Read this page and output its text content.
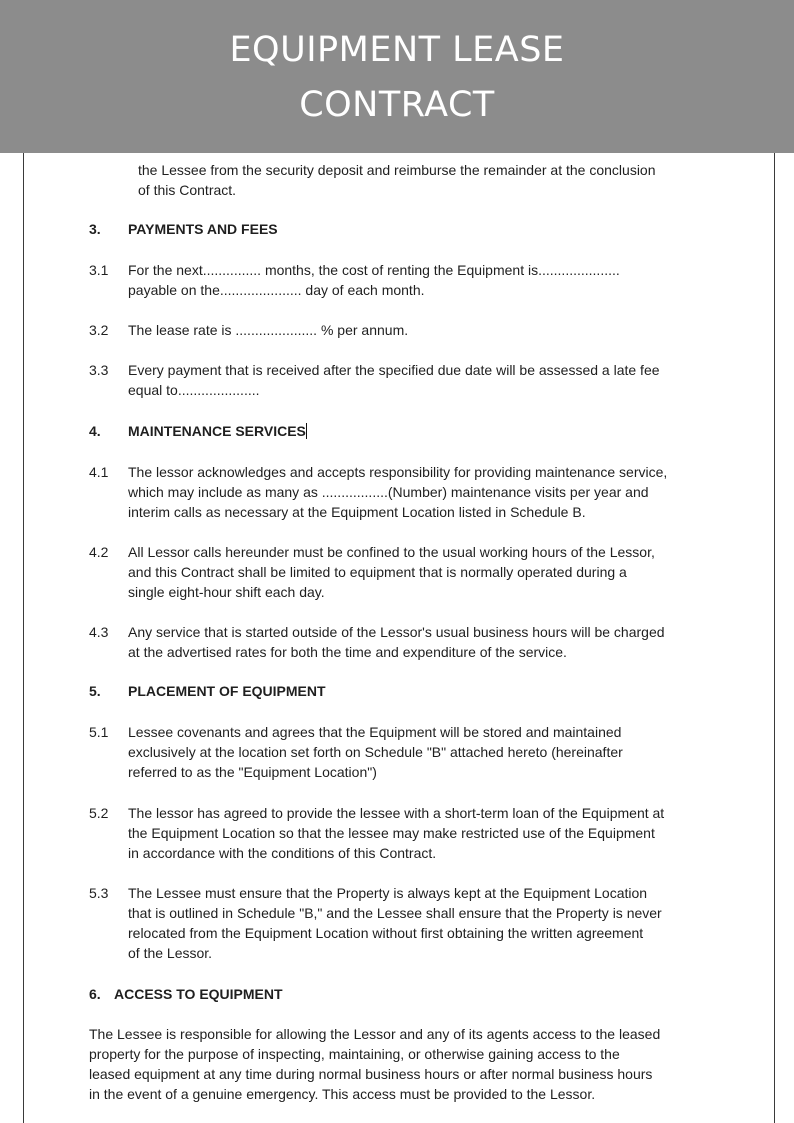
EQUIPMENT LEASE
CONTRACT
the Lessee from the security deposit and reimburse the remainder at the conclusion
of this Contract.
3. PAYMENTS AND FEES
3.1	For the next............... months, the cost of renting the Equipment is.....................
payable on the..................... day of each month.
3.2	The lease rate is ..................... % per annum.
3.3	Every payment that is received after the specified due date will be assessed a late fee
equal to.....................
4. MAINTENANCE SERVICES
4.1	The lessor acknowledges and accepts responsibility for providing maintenance service,
which may include as many as .................(Number) maintenance visits per year and
interim calls as necessary at the Equipment Location listed in Schedule B.
4.2	All Lessor calls hereunder must be confined to the usual working hours of the Lessor,
and this Contract shall be limited to equipment that is normally operated during a
single eight-hour shift each day.
4.3	Any service that is started outside of the Lessor's usual business hours will be charged
at the advertised rates for both the time and expenditure of the service.
5. PLACEMENT OF EQUIPMENT
5.1	Lessee covenants and agrees that the Equipment will be stored and maintained
exclusively at the location set forth on Schedule "B" attached hereto (hereinafter
referred to as the "Equipment Location")
5.2	The lessor has agreed to provide the lessee with a short-term loan of the Equipment at
the Equipment Location so that the lessee may make restricted use of the Equipment
in accordance with the conditions of this Contract.
5.3	The Lessee must ensure that the Property is always kept at the Equipment Location
that is outlined in Schedule "B," and the Lessee shall ensure that the Property is never
relocated from the Equipment Location without first obtaining the written agreement
of the Lessor.
6. ACCESS TO EQUIPMENT
The Lessee is responsible for allowing the Lessor and any of its agents access to the leased
property for the purpose of inspecting, maintaining, or otherwise gaining access to the
leased equipment at any time during normal business hours or after normal business hours
in the event of a genuine emergency. This access must be provided to the Lessor.
